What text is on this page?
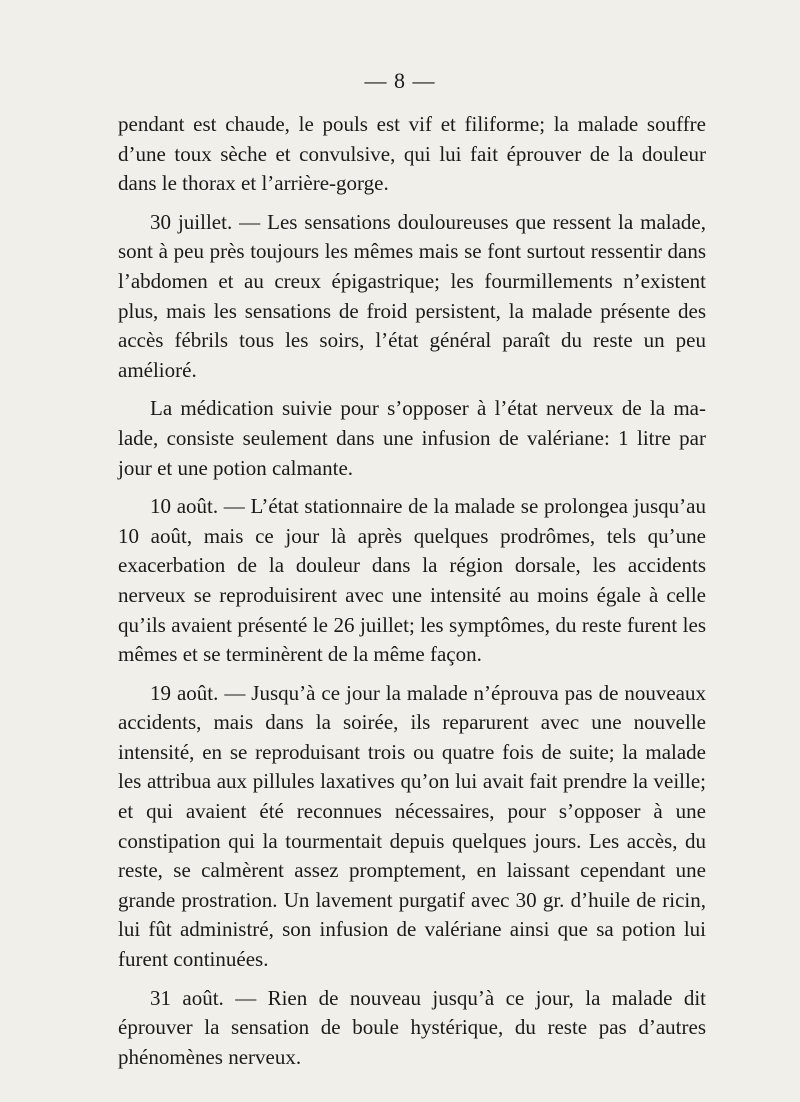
— 8 —

pendant est chaude, le pouls est vif et filiforme; la malade souffre d’une toux sèche et convulsive, qui lui fait éprouver de la douleur dans le thorax et l’arrière-gorge.

30 juillet. — Les sensations douloureuses que ressent la malade, sont à peu près toujours les mêmes mais se font surtout ressentir dans l’abdomen et au creux épigastrique; les fourmillements n’existent plus, mais les sensations de froid persistent, la malade présente des accès fébrils tous les soirs, l’état général paraît du reste un peu amélioré.

La médication suivie pour s’opposer à l’état nerveux de la malade, consiste seulement dans une infusion de valériane: 1 litre par jour et une potion calmante.

10 août. — L’état stationnaire de la malade se prolongea jusqu’au 10 août, mais ce jour là après quelques prodrômes, tels qu’une exacerbation de la douleur dans la région dorsale, les accidents nerveux se reproduisirent avec une intensité au moins égale à celle qu’ils avaient présenté le 26 juillet; les symptômes, du reste furent les mêmes et se terminèrent de la même façon.

19 août. — Jusqu’à ce jour la malade n’éprouva pas de nouveaux accidents, mais dans la soirée, ils reparurent avec une nouvelle intensité, en se reproduisant trois ou quatre fois de suite; la malade les attribua aux pillules laxatives qu’on lui avait fait prendre la veille; et qui avaient été reconnues nécessaires, pour s’opposer à une constipation qui la tourmentait depuis quelques jours. Les accès, du reste, se calmèrent assez promptement, en laissant cependant une grande prostration. Un lavement purgatif avec 30 gr. d’huile de ricin, lui fût administré, son infusion de valériane ainsi que sa potion lui furent continuées.

31 août. — Rien de nouveau jusqu’à ce jour, la malade dit éprouver la sensation de boule hystérique, du reste pas d’autres phénomènes nerveux.
